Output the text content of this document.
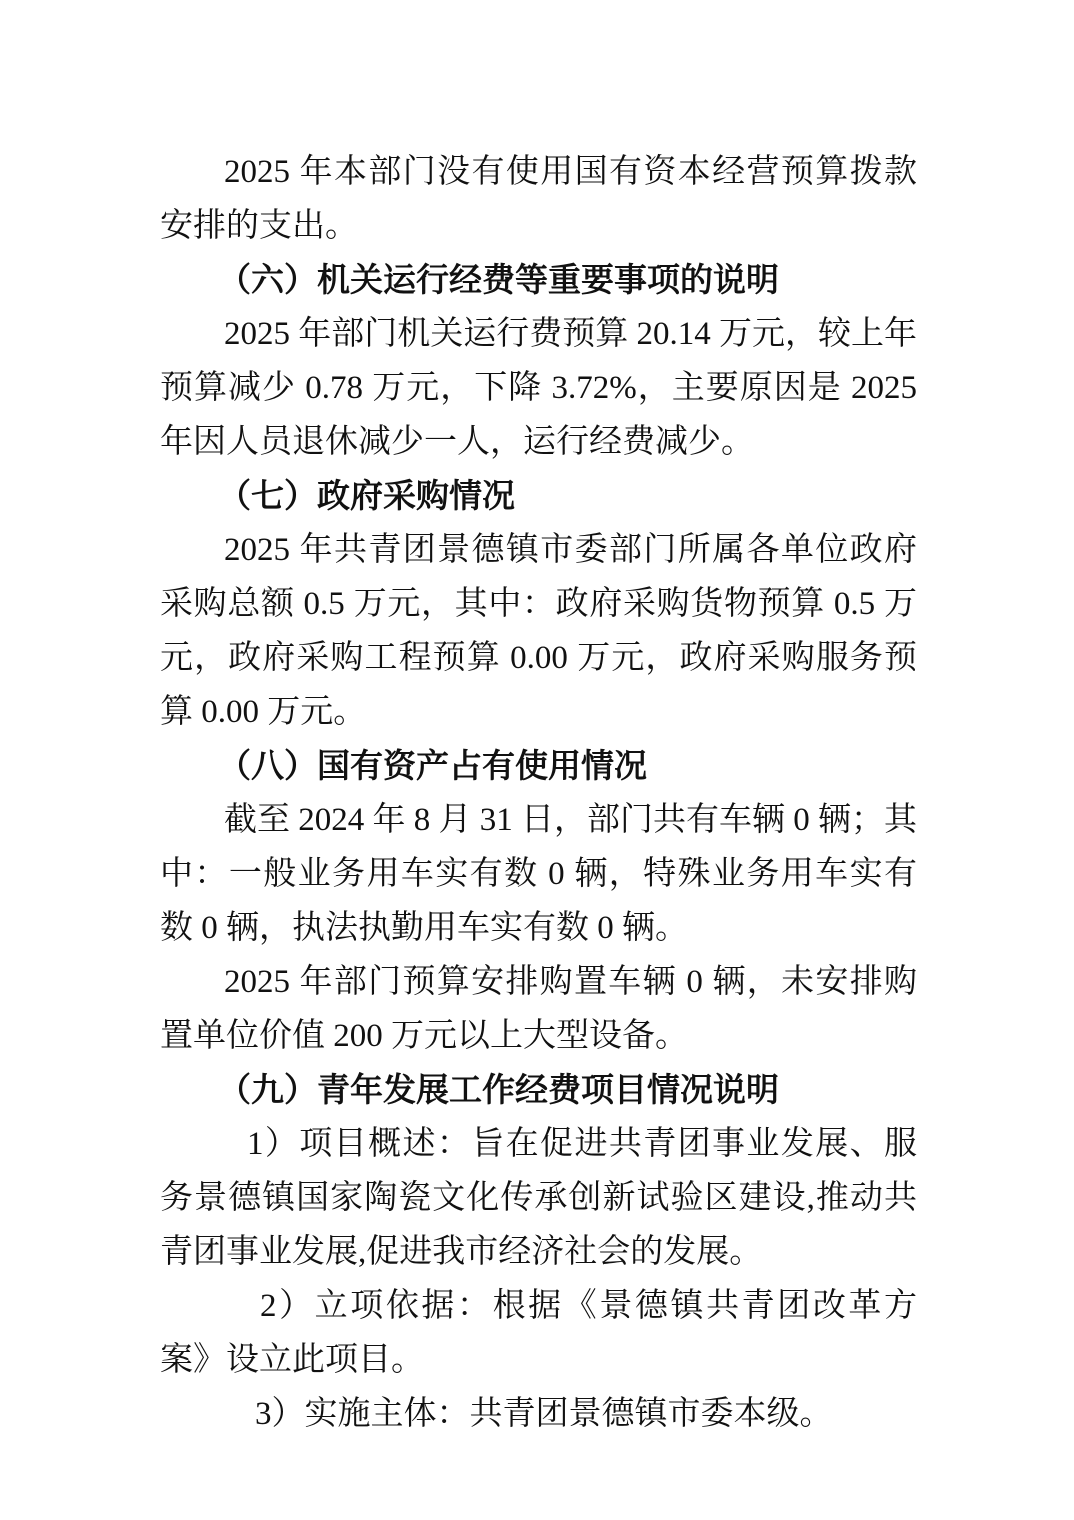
2025 年本部门没有使用国有资本经营预算拨款安排的支出。

（六）机关运行经费等重要事项的说明

2025 年部门机关运行费预算 20.14 万元，较上年预算减少 0.78 万元，下降 3.72%，主要原因是 2025 年因人员退休减少一人，运行经费减少。

（七）政府采购情况

2025 年共青团景德镇市委部门所属各单位政府采购总额 0.5 万元，其中：政府采购货物预算 0.5 万元，政府采购工程预算 0.00 万元，政府采购服务预算 0.00 万元。

（八）国有资产占有使用情况

截至 2024 年 8 月 31 日，部门共有车辆 0 辆；其中：一般业务用车实有数 0 辆，特殊业务用车实有数 0 辆，执法执勤用车实有数 0 辆。

2025 年部门预算安排购置车辆 0 辆，未安排购置单位价值 200 万元以上大型设备。

（九）青年发展工作经费项目情况说明

1）项目概述：旨在促进共青团事业发展、服务景德镇国家陶瓷文化传承创新试验区建设,推动共青团事业发展,促进我市经济社会的发展。

2）立项依据：根据《景德镇共青团改革方案》设立此项目。

3）实施主体：共青团景德镇市委本级。
